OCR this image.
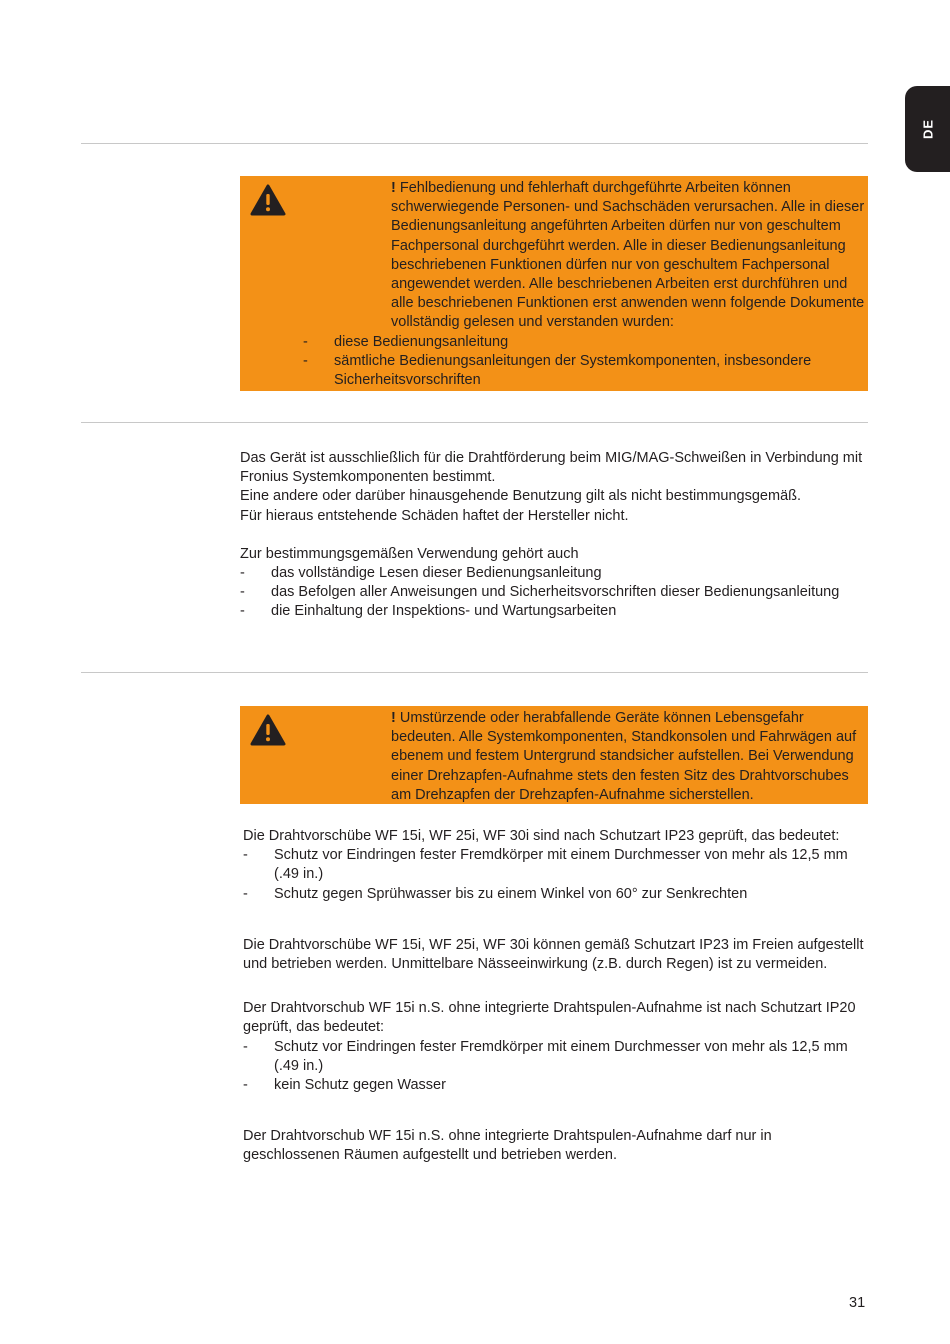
DE

! Fehlbedienung und fehlerhaft durchgeführte Arbeiten können schwerwiegende Personen- und Sachschäden verursachen. Alle in dieser Bedienungsanleitung angeführten Arbeiten dürfen nur von geschultem Fachpersonal durchgeführt werden. Alle in dieser Bedienungsanleitung beschriebenen Funktionen dürfen nur von geschultem Fachpersonal angewendet werden. Alle beschriebenen Arbeiten erst durchführen und alle beschriebenen Funktionen erst anwenden wenn folgende Dokumente vollständig gelesen und verstanden wurden:

- diese Bedienungsanleitung
- sämtliche Bedienungsanleitungen der Systemkomponenten, insbesondere Sicherheitsvorschriften

Das Gerät ist ausschließlich für die Drahtförderung beim MIG/MAG-Schweißen in Verbindung mit Fronius Systemkomponenten bestimmt.

Eine andere oder darüber hinausgehende Benutzung gilt als nicht bestimmungsgemäß.

Für hieraus entstehende Schäden haftet der Hersteller nicht.

Zur bestimmungsgemäßen Verwendung gehört auch

- das vollständige Lesen dieser Bedienungsanleitung
- das Befolgen aller Anweisungen und Sicherheitsvorschriften dieser Bedienungsanleitung
- die Einhaltung der Inspektions- und Wartungsarbeiten

! Umstürzende oder herabfallende Geräte können Lebensgefahr bedeuten. Alle Systemkomponenten, Standkonsolen und Fahrwägen auf ebenem und festem Untergrund standsicher aufstellen. Bei Verwendung einer Drehzapfen-Aufnahme stets den festen Sitz des Drahtvorschubes am Drehzapfen der Drehzapfen-Aufnahme sicherstellen.

Die Drahtvorschübe WF 15i, WF 25i, WF 30i sind nach Schutzart IP23 geprüft, das bedeutet:

- Schutz vor Eindringen fester Fremdkörper mit einem Durchmesser von mehr als 12,5 mm (.49 in.)
- Schutz gegen Sprühwasser bis zu einem Winkel von 60° zur Senkrechten

Die Drahtvorschübe WF 15i, WF 25i, WF 30i können gemäß Schutzart IP23 im Freien aufgestellt und betrieben werden. Unmittelbare Nässeeinwirkung (z.B. durch Regen) ist zu vermeiden.

Der Drahtvorschub WF 15i n.S. ohne integrierte Drahtspulen-Aufnahme ist nach Schutzart IP20 geprüft, das bedeutet:

- Schutz vor Eindringen fester Fremdkörper mit einem Durchmesser von mehr als 12,5 mm (.49 in.)
- kein Schutz gegen Wasser

Der Drahtvorschub WF 15i n.S. ohne integrierte Drahtspulen-Aufnahme darf nur in geschlossenen Räumen aufgestellt und betrieben werden.

31
